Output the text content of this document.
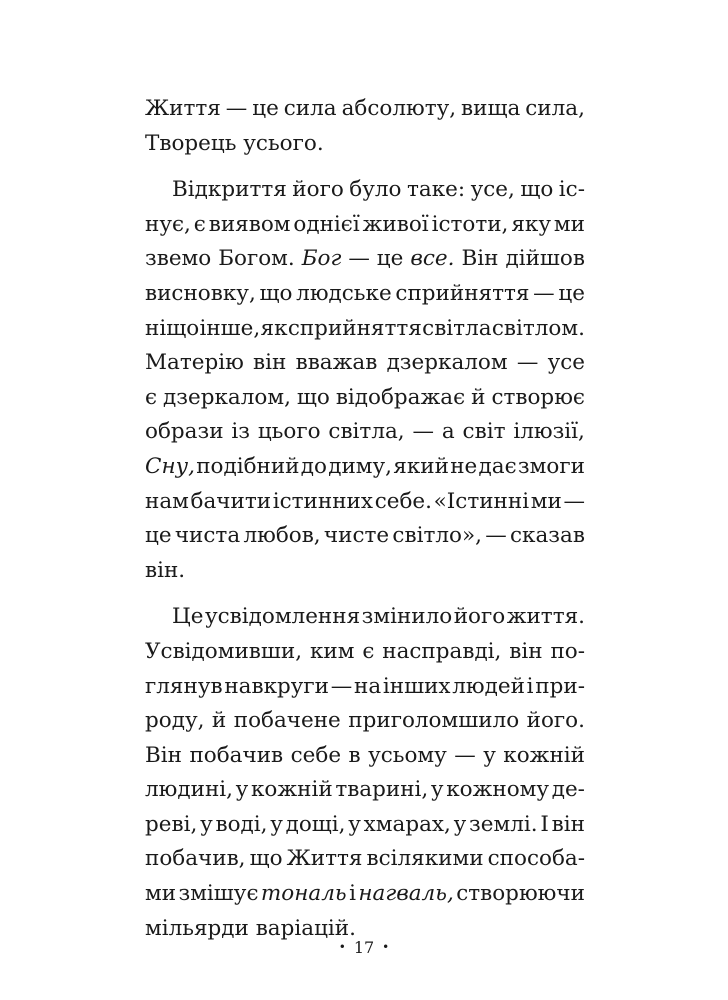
Життя — це сила абсолюту, вища сила,
Творець
усього.
Відкриття його було таке: усе, що іс-
нує, є виявом однієї живої істоти, яку ми
звемо Богом. Бог — це все. Він дійшов
висновку, що людське сприйняття — це
ніщо інше, як сприйняття світла світлом.
Матерію він вважав дзеркалом — усе
є дзеркалом, що відображає й створює
образи із цього світла, — а світ ілюзії,
Сну, подібний до диму, який не дає змоги
нам бачити істинних себе. «Істинні ми —
це чиста любов, чисте світло», — сказав
він.
Це усвідомлення змінило його життя.
Усвідомивши, ким є насправді, він по-
глянув навкруги — на інших людей і при-
роду, й побачене приголомшило його.
Він побачив себе в усьому — у кожній
людині, у кожній тварині, у кожному де-
реві, у воді, у дощі, у хмарах, у землі. І він
побачив, що Життя всілякими способа-
ми змішує тональ і нагваль, створюючи
мільярди
варіацій.
• 17 •
